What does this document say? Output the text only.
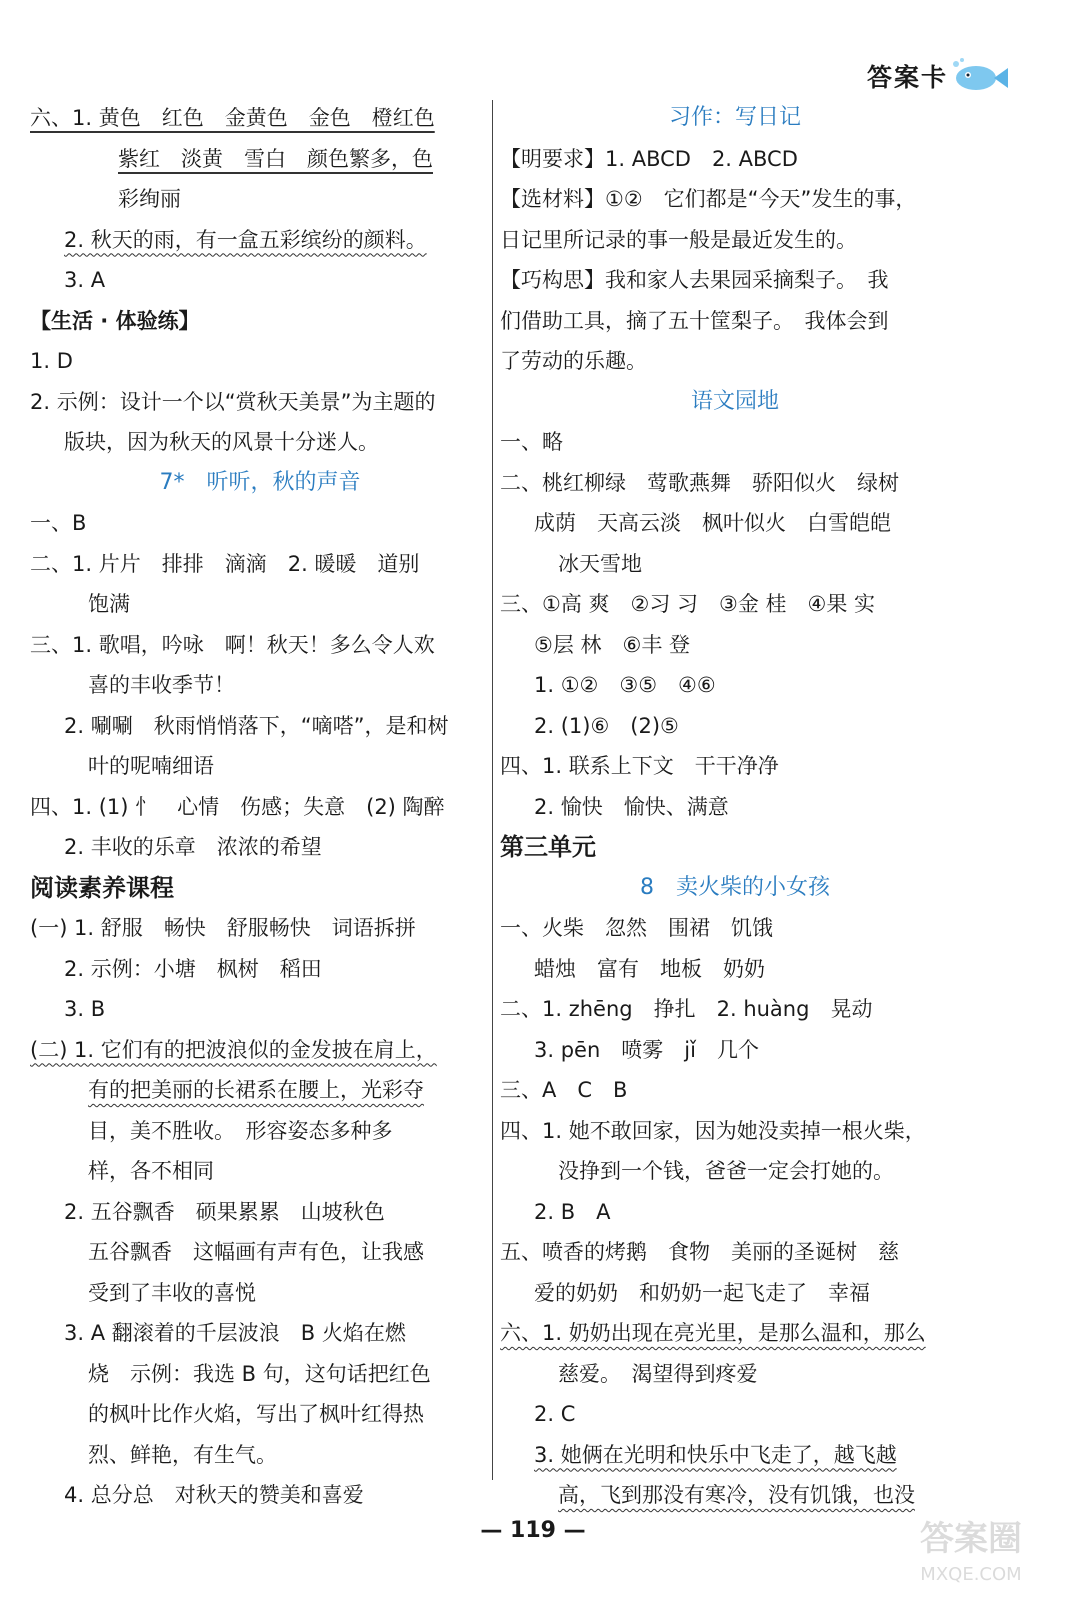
答案卡
六、1. 黄色　红色　金黄色　金色　橙红色
紫红　淡黄　雪白　颜色繁多，色
彩绚丽
2. 秋天的雨，有一盒五彩缤纷的颜料。
3. A
【生活 · 体验练】
1. D
2. 示例：设计一个以“赏秋天美景”为主题的
版块，因为秋天的风景十分迷人。
7*　听听，秋的声音
一、B
二、1. 片片　排排　滴滴　2. 暖暖　道别
饱满
三、1. 歌唱，吟咏　啊！秋天！多么令人欢
喜的丰收季节！
2. 唰唰　秋雨悄悄落下，“嘀嗒”，是和树
叶的呢喃细语
四、1. (1) 忄　心情　伤感；失意　(2) 陶醉
2. 丰收的乐章　浓浓的希望
阅读素养课程
(一) 1. 舒服　畅快　舒服畅快　词语拆拼
2. 示例：小塘　枫树　稻田
3. B
(二) 1. 它们有的把波浪似的金发披在肩上，
有的把美丽的长裙系在腰上，光彩夺
目，美不胜收。　形容姿态多种多
样，各不相同
2. 五谷飘香　硕果累累　山坡秋色
五谷飘香　这幅画有声有色，让我感
受到了丰收的喜悦
3. A 翻滚着的千层波浪　B 火焰在燃
烧　示例：我选 B 句，这句话把红色
的枫叶比作火焰，写出了枫叶红得热
烈、鲜艳，有生气。
4. 总分总　对秋天的赞美和喜爱
习作：写日记
【明要求】1. ABCD　2. ABCD
【选材料】①②　它们都是“今天”发生的事，
日记里所记录的事一般是最近发生的。
【巧构思】我和家人去果园采摘梨子。　我
们借助工具，摘了五十筐梨子。　我体会到
了劳动的乐趣。
语文园地
一、略
二、桃红柳绿　莺歌燕舞　骄阳似火　绿树
成荫　天高云淡　枫叶似火　白雪皑皑
冰天雪地
三、①高 爽　②习 习　③金 桂　④果 实
⑤层 林　⑥丰 登
1. ①②　③⑤　④⑥
2. (1)⑥　(2)⑤
四、1. 联系上下文　干干净净
2. 愉快　愉快、满意
第三单元
8　卖火柴的小女孩
一、火柴　忽然　围裙　饥饿
蜡烛　富有　地板　奶奶
二、1. zhēng　挣扎　2. huàng　晃动
3. pēn　喷雾　jǐ　几个
三、A　C　B
四、1. 她不敢回家，因为她没卖掉一根火柴，
没挣到一个钱，爸爸一定会打她的。
2. B　A
五、喷香的烤鹅　食物　美丽的圣诞树　慈
爱的奶奶　和奶奶一起飞走了　幸福
六、1. 奶奶出现在亮光里，是那么温和，那么
慈爱。　渴望得到疼爱
2. C
3. 她俩在光明和快乐中飞走了，越飞越
高，飞到那没有寒冷，没有饥饿，也没
— 119 —	答案圈
MXQE.COM
